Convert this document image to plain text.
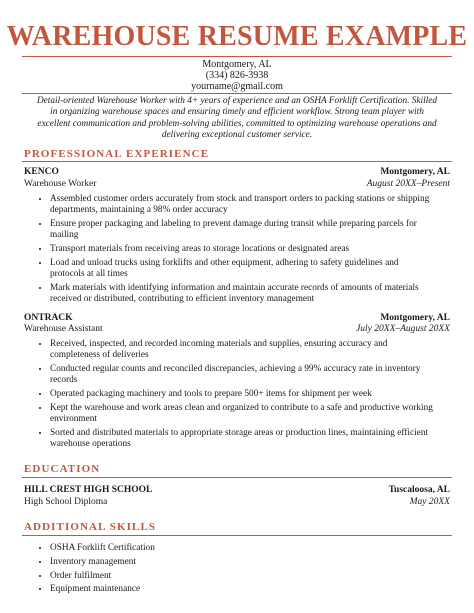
WAREHOUSE RESUME EXAMPLE
Montgomery, AL
(334) 826-3938
yourname@gmail.com
Detail-oriented Warehouse Worker with 4+ years of experience and an OSHA Forklift Certification. Skilled in organizing warehouse spaces and ensuring timely and efficient workflow. Strong team player with excellent communication and problem-solving abilities, committed to optimizing warehouse operations and delivering exceptional customer service.
PROFESSIONAL EXPERIENCE
KENCO	Montgomery, AL
Warehouse Worker	August 20XX–Present
• Assembled customer orders accurately from stock and transport orders to packing stations or shipping departments, maintaining a 98% order accuracy
• Ensure proper packaging and labeling to prevent damage during transit while preparing parcels for mailing
• Transport materials from receiving areas to storage locations or designated areas
• Load and unload trucks using forklifts and other equipment, adhering to safety guidelines and protocols at all times
• Mark materials with identifying information and maintain accurate records of amounts of materials received or distributed, contributing to efficient inventory management
ONTRACK	Montgomery, AL
Warehouse Assistant	July 20XX–August 20XX
• Received, inspected, and recorded incoming materials and supplies, ensuring accuracy and completeness of deliveries
• Conducted regular counts and reconciled discrepancies, achieving a 99% accuracy rate in inventory records
• Operated packaging machinery and tools to prepare 500+ items for shipment per week
• Kept the warehouse and work areas clean and organized to contribute to a safe and productive working environment
• Sorted and distributed materials to appropriate storage areas or production lines, maintaining efficient warehouse operations
EDUCATION
HILL CREST HIGH SCHOOL	Tuscaloosa, AL
High School Diploma	May 20XX
ADDITIONAL SKILLS
• OSHA Forklift Certification
• Inventory management
• Order fulfilment
• Equipment maintenance
